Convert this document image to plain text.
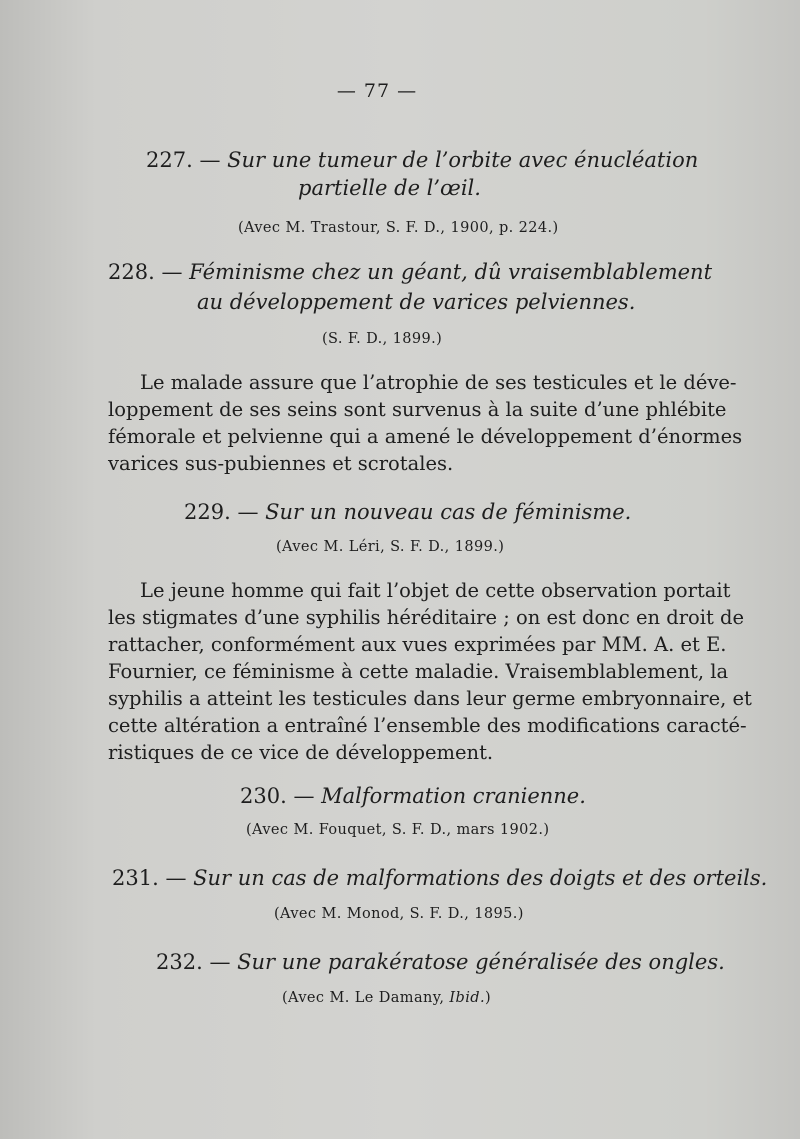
— 77 —
227. — Sur une tumeur de l’orbite avec énucléation
partielle de l’œil.
(Avec M. Trastour, S. F. D., 1900, p. 224.)
228. — Féminisme chez un géant, dû vraisemblablement
au développement de varices pelviennes.
(S. F. D., 1899.)
Le malade assure que l’atrophie de ses testicules et le déve-
loppement de ses seins sont survenus à la suite d’une phlébite
fémorale et pelvienne qui a amené le développement d’énormes
varices sus-pubiennes et scrotales.
229. — Sur un nouveau cas de féminisme.
(Avec M. Léri, S. F. D., 1899.)
Le jeune homme qui fait l’objet de cette observation portait
les stigmates d’une syphilis héréditaire ; on est donc en droit de
rattacher, conformément aux vues exprimées par MM. A. et E.
Fournier, ce féminisme à cette maladie. Vraisemblablement, la
syphilis a atteint les testicules dans leur germe embryonnaire, et
cette altération a entraîné l’ensemble des modifications caracté-
ristiques de ce vice de développement.
230. — Malformation cranienne.
(Avec M. Fouquet, S. F. D., mars 1902.)
231. — Sur un cas de malformations des doigts et des orteils.
(Avec M. Monod, S. F. D., 1895.)
232. — Sur une parakératose généralisée des ongles.
(Avec M. Le Damany, Ibid.)
